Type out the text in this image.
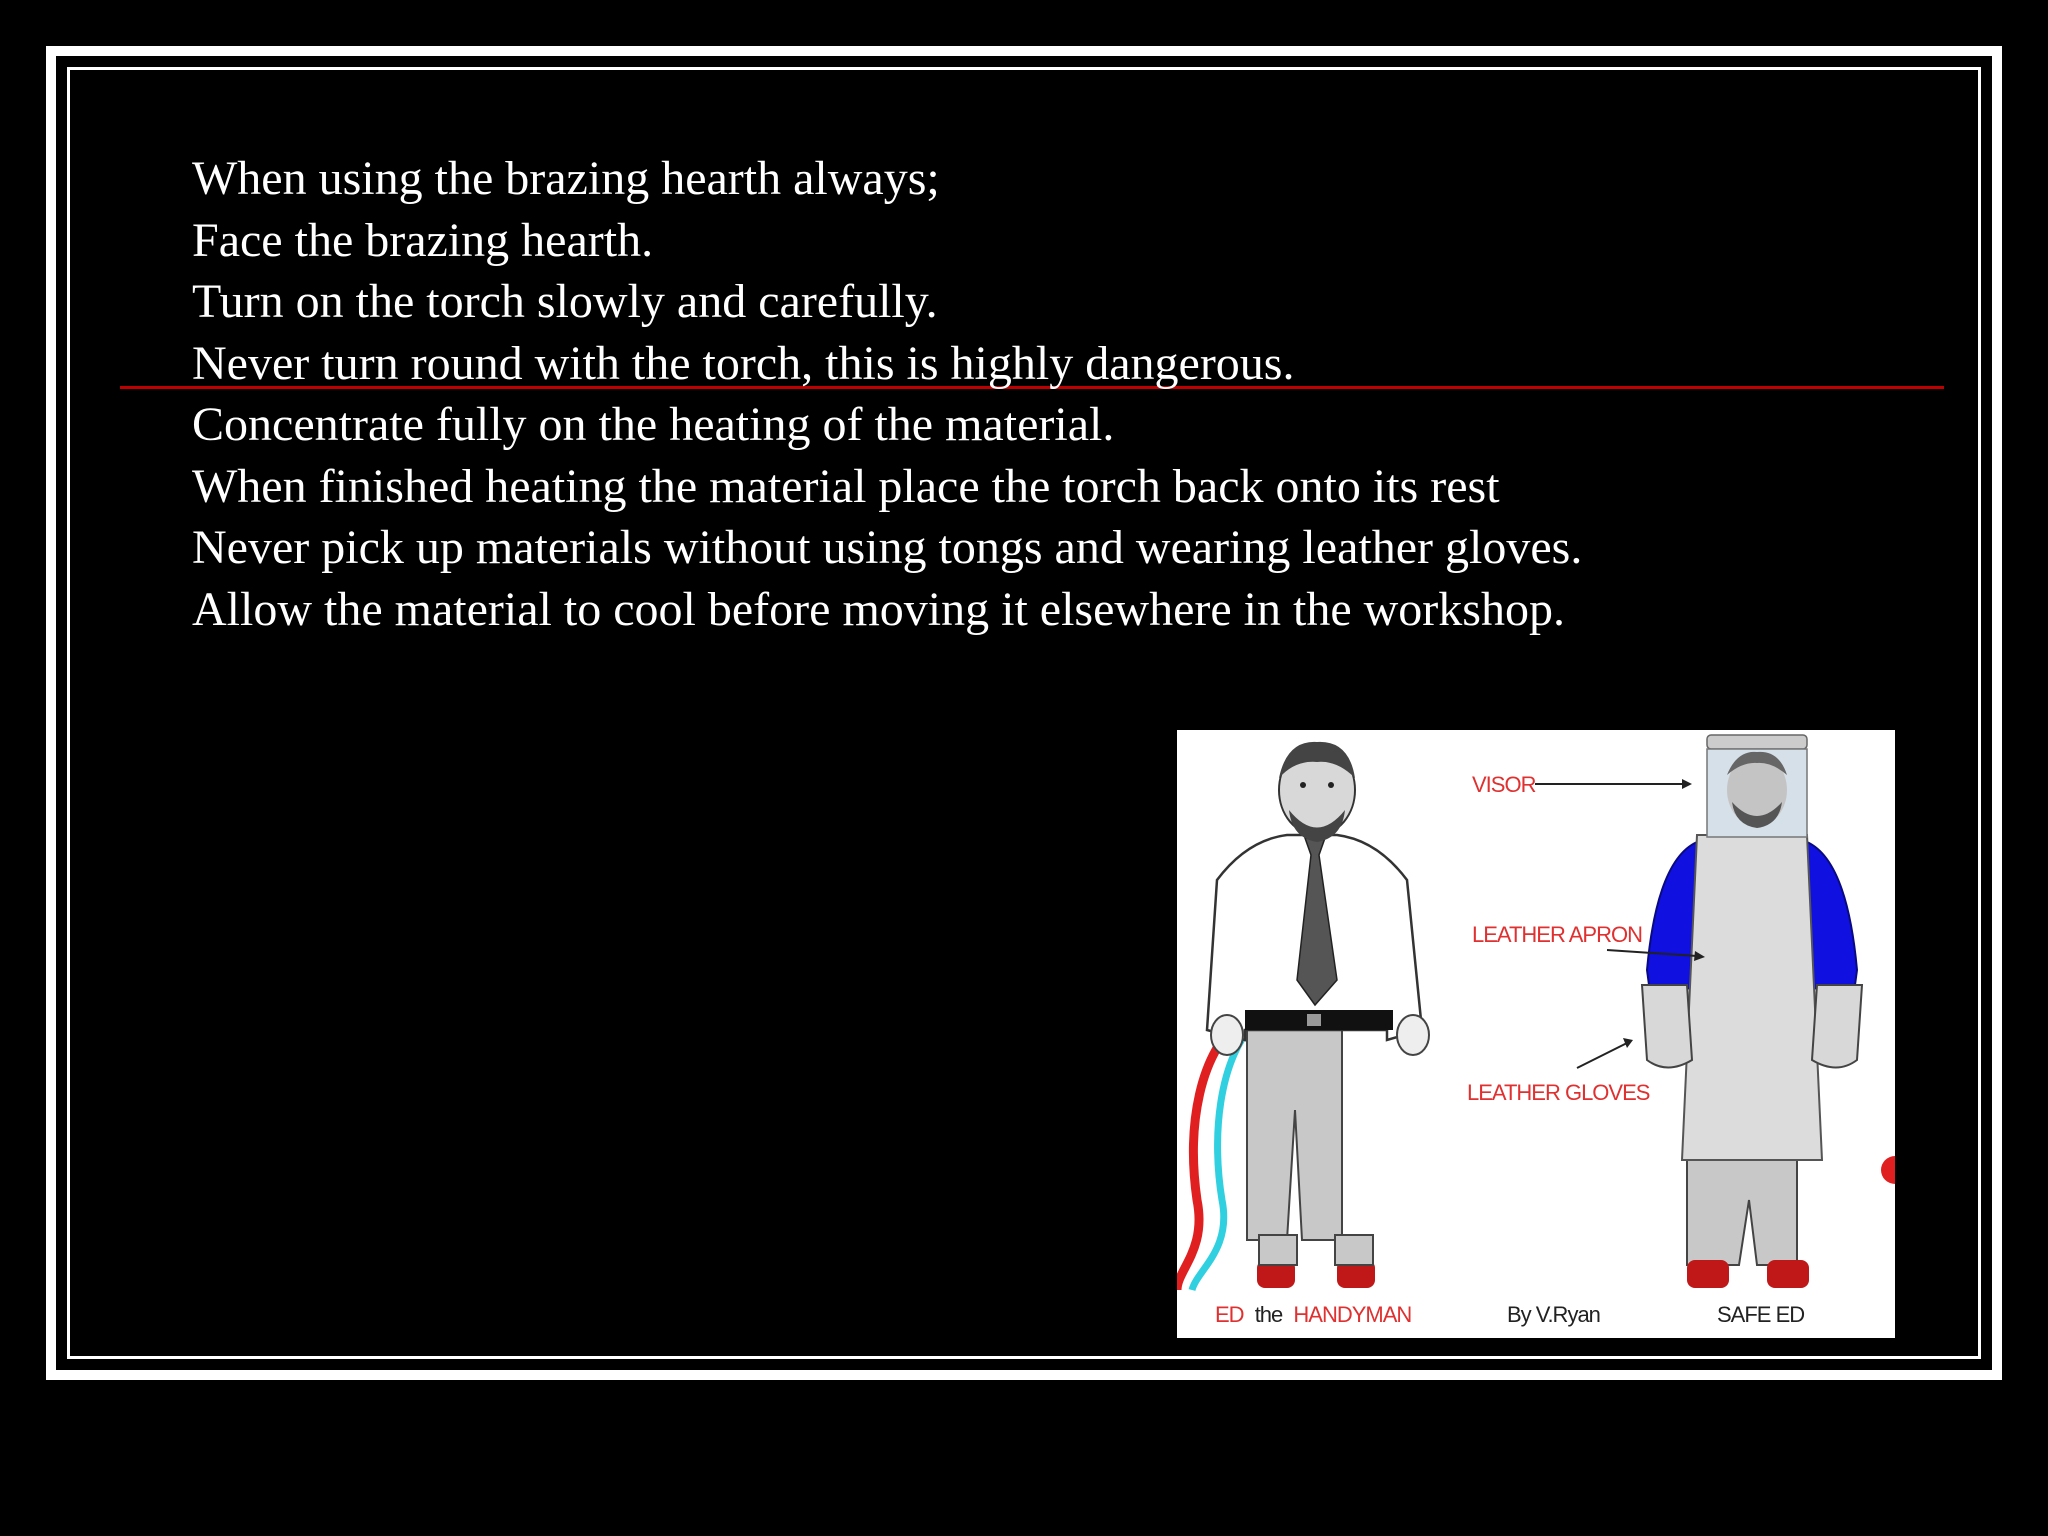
When using the brazing hearth always;
Face the brazing hearth.
Turn on the torch slowly and carefully.
Never turn round with the torch, this is highly dangerous.
Concentrate fully on the heating of the material.
When finished heating the material place the torch back onto its rest
Never pick up materials without using tongs and wearing leather gloves.
Allow the material to cool before moving it elsewhere in the workshop.
VISOR
LEATHER APRON
LEATHER GLOVES
ED the HANDYMAN	By V.Ryan	SAFE ED
